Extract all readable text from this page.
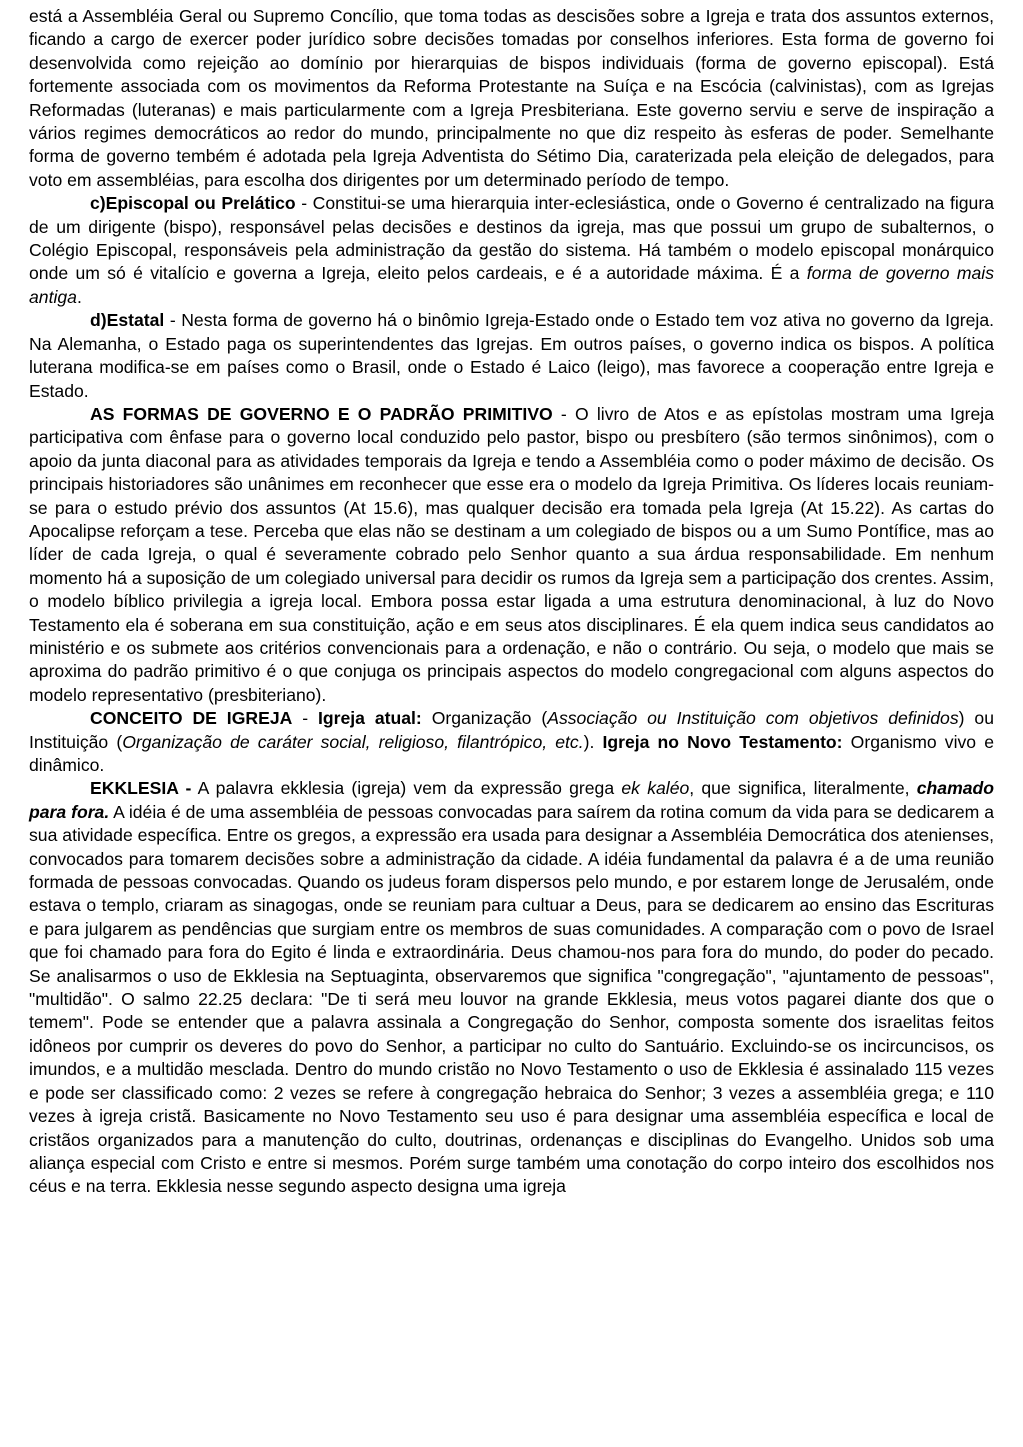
está a Assembléia Geral ou Supremo Concílio, que toma todas as descisões sobre a Igreja e trata dos assuntos externos, ficando a cargo de exercer poder jurídico sobre decisões tomadas por conselhos inferiores. Esta forma de governo foi desenvolvida como rejeição ao domínio por hierarquias de bispos individuais (forma de governo episcopal). Está fortemente associada com os movimentos da Reforma Protestante na Suíça e na Escócia (calvinistas), com as Igrejas Reformadas (luteranas) e mais particularmente com a Igreja Presbiteriana. Este governo serviu e serve de inspiração a vários regimes democráticos ao redor do mundo, principalmente no que diz respeito às esferas de poder. Semelhante forma de governo tembém é adotada pela Igreja Adventista do Sétimo Dia, caraterizada pela eleição de delegados, para voto em assembléias, para escolha dos dirigentes por um determinado período de tempo.

c)Episcopal ou Prelático - Constitui-se uma hierarquia inter-eclesiástica, onde o Governo é centralizado na figura de um dirigente (bispo), responsável pelas decisões e destinos da igreja, mas que possui um grupo de subalternos, o Colégio Episcopal, responsáveis pela administração da gestão do sistema. Há também o modelo episcopal monárquico onde um só é vitalício e governa a Igreja, eleito pelos cardeais, e é a autoridade máxima. É a forma de governo mais antiga.

d)Estatal - Nesta forma de governo há o binômio Igreja-Estado onde o Estado tem voz ativa no governo da Igreja. Na Alemanha, o Estado paga os superintendentes das Igrejas. Em outros países, o governo indica os bispos. A política luterana modifica-se em países como o Brasil, onde o Estado é Laico (leigo), mas favorece a cooperação entre Igreja e Estado.

AS FORMAS DE GOVERNO E O PADRÃO PRIMITIVO - O livro de Atos e as epístolas mostram uma Igreja participativa com ênfase para o governo local conduzido pelo pastor, bispo ou presbítero (são termos sinônimos), com o apoio da junta diaconal para as atividades temporais da Igreja e tendo a Assembléia como o poder máximo de decisão. Os principais historiadores são unânimes em reconhecer que esse era o modelo da Igreja Primitiva. Os líderes locais reuniam-se para o estudo prévio dos assuntos (At 15.6), mas qualquer decisão era tomada pela Igreja (At 15.22). As cartas do Apocalipse reforçam a tese. Perceba que elas não se destinam a um colegiado de bispos ou a um Sumo Pontífice, mas ao líder de cada Igreja, o qual é severamente cobrado pelo Senhor quanto a sua árdua responsabilidade. Em nenhum momento há a suposição de um colegiado universal para decidir os rumos da Igreja sem a participação dos crentes. Assim, o modelo bíblico privilegia a igreja local. Embora possa estar ligada a uma estrutura denominacional, à luz do Novo Testamento ela é soberana em sua constituição, ação e em seus atos disciplinares. É ela quem indica seus candidatos ao ministério e os submete aos critérios convencionais para a ordenação, e não o contrário. Ou seja, o modelo que mais se aproxima do padrão primitivo é o que conjuga os principais aspectos do modelo congregacional com alguns aspectos do modelo representativo (presbiteriano).

CONCEITO DE IGREJA - Igreja atual: Organização (Associação ou Instituição com objetivos definidos) ou Instituição (Organização de caráter social, religioso, filantrópico, etc.). Igreja no Novo Testamento: Organismo vivo e dinâmico.

EKKLESIA - A palavra ekklesia (igreja) vem da expressão grega ek kaléo, que significa, literalmente, chamado para fora. A idéia é de uma assembléia de pessoas convocadas para saírem da rotina comum da vida para se dedicarem a sua atividade específica. Entre os gregos, a expressão era usada para designar a Assembléia Democrática dos atenienses, convocados para tomarem decisões sobre a administração da cidade. A idéia fundamental da palavra é a de uma reunião formada de pessoas convocadas. Quando os judeus foram dispersos pelo mundo, e por estarem longe de Jerusalém, onde estava o templo, criaram as sinagogas, onde se reuniam para cultuar a Deus, para se dedicarem ao ensino das Escrituras e para julgarem as pendências que surgiam entre os membros de suas comunidades. A comparação com o povo de Israel que foi chamado para fora do Egito é linda e extraordinária. Deus chamou-nos para fora do mundo, do poder do pecado. Se analisarmos o uso de Ekklesia na Septuaginta, observaremos que significa "congregação", "ajuntamento de pessoas", "multidão". O salmo 22.25 declara: "De ti será meu louvor na grande Ekklesia, meus votos pagarei diante dos que o temem". Pode se entender que a palavra assinala a Congregação do Senhor, composta somente dos israelitas feitos idôneos por cumprir os deveres do povo do Senhor, a participar no culto do Santuário. Excluindo-se os incircuncisos, os imundos, e a multidão mesclada. Dentro do mundo cristão no Novo Testamento o uso de Ekklesia é assinalado 115 vezes e pode ser classificado como: 2 vezes se refere à congregação hebraica do Senhor; 3 vezes a assembléia grega; e 110 vezes à igreja cristã. Basicamente no Novo Testamento seu uso é para designar uma assembléia específica e local de cristãos organizados para a manutenção do culto, doutrinas, ordenanças e disciplinas do Evangelho. Unidos sob uma aliança especial com Cristo e entre si mesmos. Porém surge também uma conotação do corpo inteiro dos escolhidos nos céus e na terra. Ekklesia nesse segundo aspecto designa uma igreja
